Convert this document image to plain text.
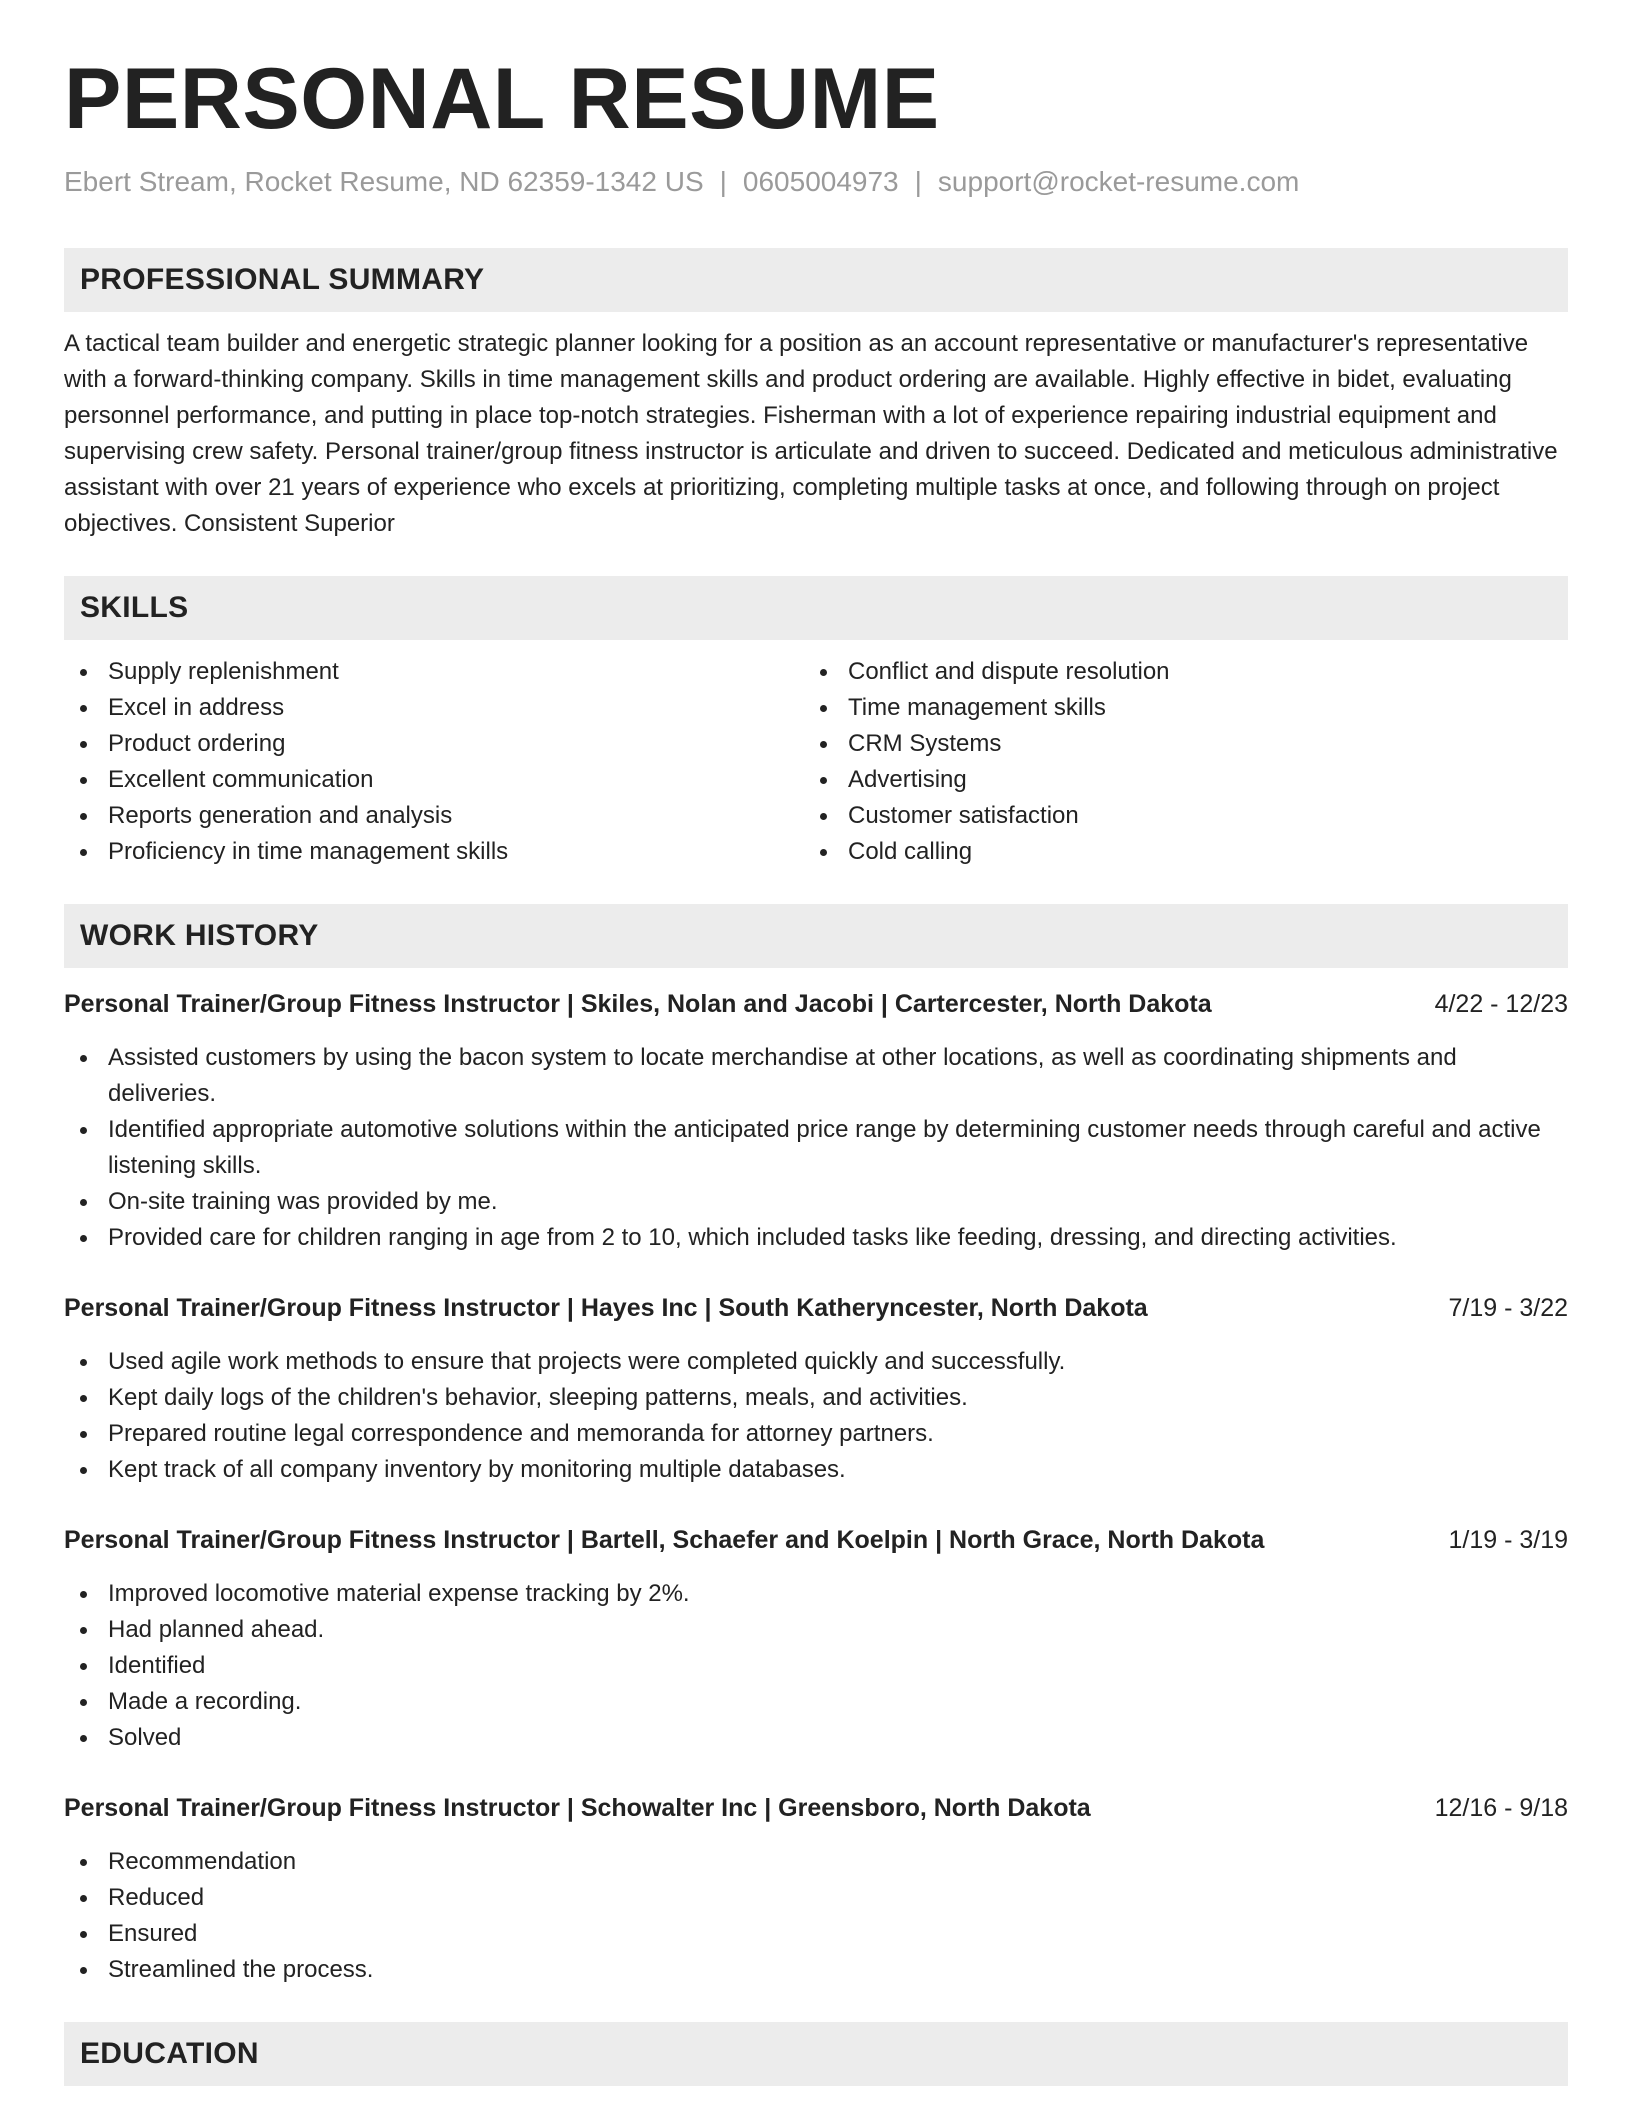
PERSONAL RESUME
Ebert Stream, Rocket Resume, ND 62359-1342 US | 0605004973 | support@rocket-resume.com
PROFESSIONAL SUMMARY

A tactical team builder and energetic strategic planner looking for a position as an account representative or manufacturer's representative with a forward-thinking company. Skills in time management skills and product ordering are available. Highly effective in bidet, evaluating personnel performance, and putting in place top-notch strategies. Fisherman with a lot of experience repairing industrial equipment and supervising crew safety. Personal trainer/group fitness instructor is articulate and driven to succeed. Dedicated and meticulous administrative assistant with over 21 years of experience who excels at prioritizing, completing multiple tasks at once, and following through on project objectives. Consistent Superior

SKILLS
Supply replenishment
Excel in address
Product ordering
Excellent communication
Reports generation and analysis
Proficiency in time management skills
Conflict and dispute resolution
Time management skills
CRM Systems
Advertising
Customer satisfaction
Cold calling
WORK HISTORY
Personal Trainer/Group Fitness Instructor | Skiles, Nolan and Jacobi | Cartercester, North Dakota	4/22 - 12/23
Assisted customers by using the bacon system to locate merchandise at other locations, as well as coordinating shipments and deliveries.
Identified appropriate automotive solutions within the anticipated price range by determining customer needs through careful and active listening skills.
On-site training was provided by me.
Provided care for children ranging in age from 2 to 10, which included tasks like feeding, dressing, and directing activities.
Personal Trainer/Group Fitness Instructor | Hayes Inc | South Katheryncester, North Dakota	7/19 - 3/22
Used agile work methods to ensure that projects were completed quickly and successfully.
Kept daily logs of the children's behavior, sleeping patterns, meals, and activities.
Prepared routine legal correspondence and memoranda for attorney partners.
Kept track of all company inventory by monitoring multiple databases.
Personal Trainer/Group Fitness Instructor | Bartell, Schaefer and Koelpin | North Grace, North Dakota	1/19 - 3/19
Improved locomotive material expense tracking by 2%.
Had planned ahead.
Identified
Made a recording.
Solved
Personal Trainer/Group Fitness Instructor | Schowalter Inc | Greensboro, North Dakota	12/16 - 9/18
Recommendation
Reduced
Ensured
Streamlined the process.
EDUCATION
